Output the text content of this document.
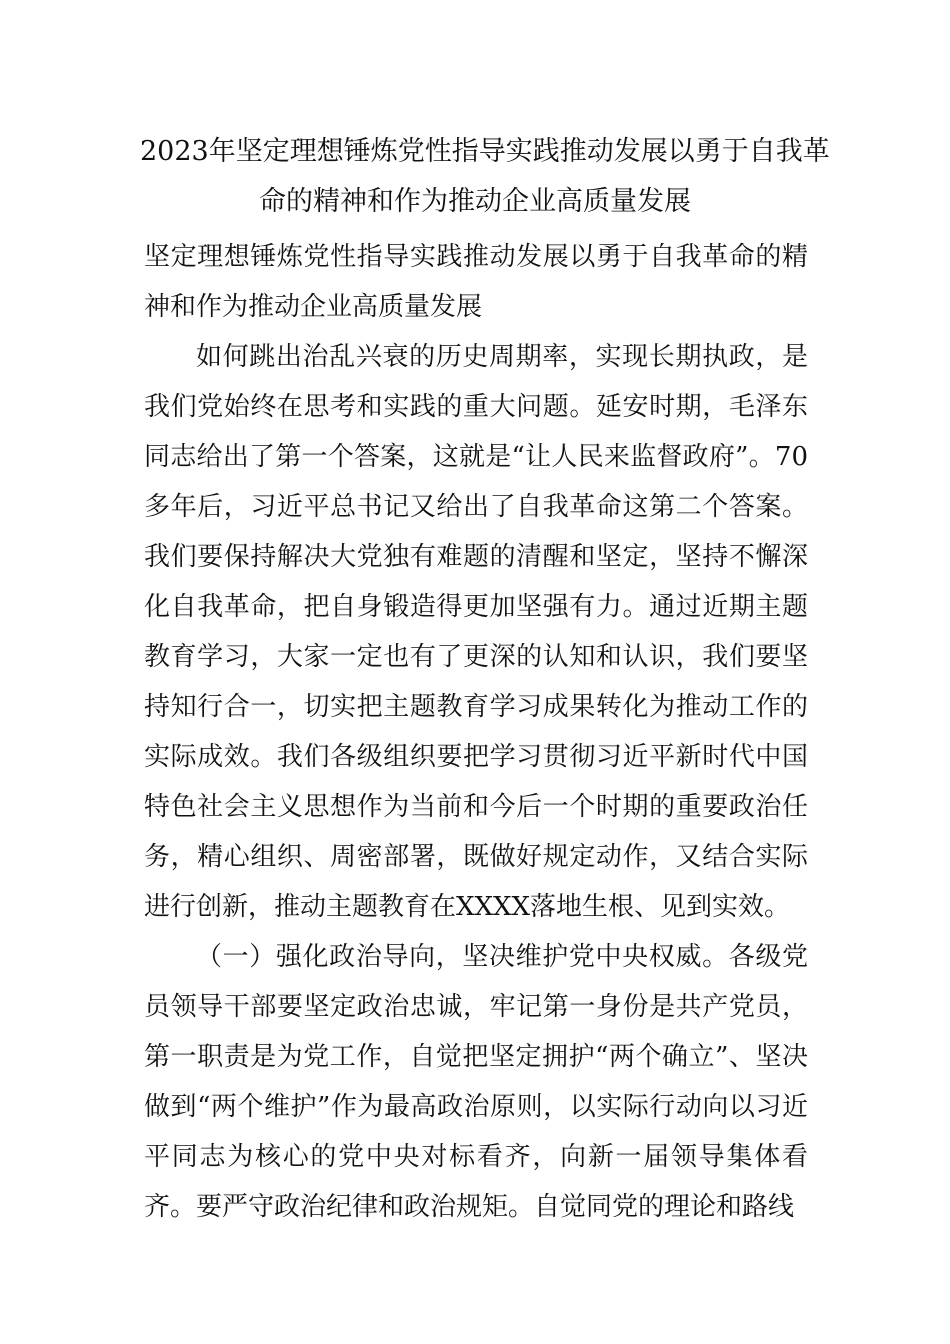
2023年坚定理想锤炼党性指导实践推动发展以勇于自我革
命的精神和作为推动企业高质量发展

坚定理想锤炼党性指导实践推动发展以勇于自我革命的精神和作为推动企业高质量发展

如何跳出治乱兴衰的历史周期率，实现长期执政，是我们党始终在思考和实践的重大问题。延安时期，毛泽东同志给出了第一个答案，这就是“让人民来监督政府”。70多年后，习近平总书记又给出了自我革命这第二个答案。我们要保持解决大党独有难题的清醒和坚定，坚持不懈深化自我革命，把自身锻造得更加坚强有力。通过近期主题教育学习，大家一定也有了更深的认知和认识，我们要坚持知行合一，切实把主题教育学习成果转化为推动工作的实际成效。我们各级组织要把学习贯彻习近平新时代中国特色社会主义思想作为当前和今后一个时期的重要政治任务，精心组织、周密部署，既做好规定动作，又结合实际进行创新，推动主题教育在XXXX落地生根、见到实效。

（一）强化政治导向，坚决维护党中央权威。各级党员领导干部要坚定政治忠诚，牢记第一身份是共产党员，第一职责是为党工作，自觉把坚定拥护“两个确立”、坚决做到“两个维护”作为最高政治原则，以实际行动向以习近平同志为核心的党中央对标看齐，向新一届领导集体看齐。要严守政治纪律和政治规矩。自觉同党的理论和路线
